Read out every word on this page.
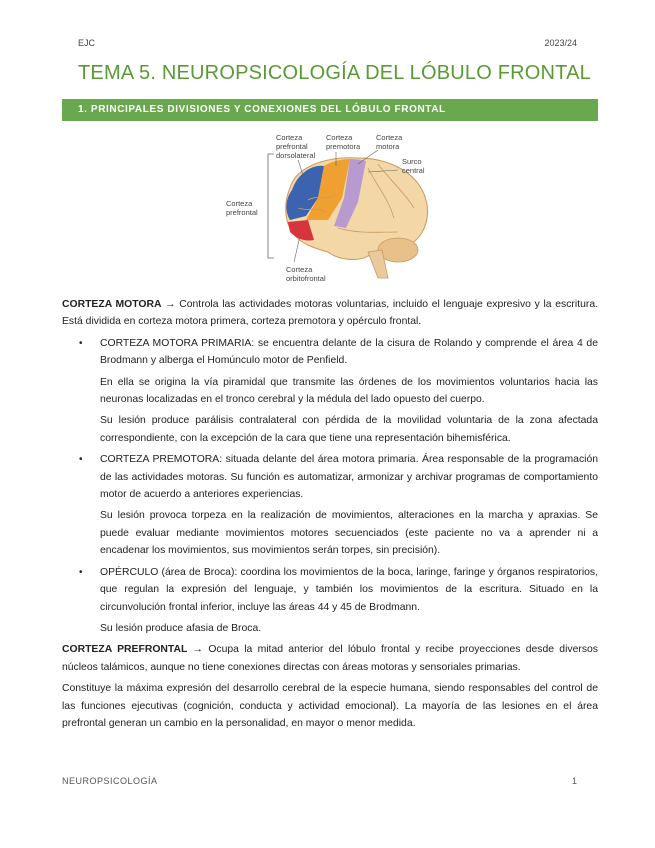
EJC	2023/24
TEMA 5. NEUROPSICOLOGÍA DEL LÓBULO FRONTAL
1. PRINCIPALES DIVISIONES Y CONEXIONES DEL LÓBULO FRONTAL
Corteza
prefrontal
dorsolateral
Corteza
premotora
Corteza
motora
Surco
central
Corteza
prefrontal
Corteza
orbitofrontal

CORTEZA MOTORA → Controla las actividades motoras voluntarias, incluido el lenguaje expresivo y la escritura. Está dividida en corteza motora primera, corteza premotora y opérculo frontal.

• CORTEZA MOTORA PRIMARIA: se encuentra delante de la cisura de Rolando y comprende el área 4 de Brodmann y alberga el Homúnculo motor de Penfield.

En ella se origina la vía piramidal que transmite las órdenes de los movimientos voluntarios hacia las neuronas localizadas en el tronco cerebral y la médula del lado opuesto del cuerpo.

Su lesión produce parálisis contralateral con pérdida de la movilidad voluntaria de la zona afectada correspondiente, con la excepción de la cara que tiene una representación bihemisférica.

• CORTEZA PREMOTORA: situada delante del área motora primaria. Área responsable de la programación de las actividades motoras. Su función es automatizar, armonizar y archivar programas de comportamiento motor de acuerdo a anteriores experiencias.

Su lesión provoca torpeza en la realización de movimientos, alteraciones en la marcha y apraxias. Se puede evaluar mediante movimientos motores secuenciados (este paciente no va a aprender ni a encadenar los movimientos, sus movimientos serán torpes, sin precisión).

• OPÉRCULO (área de Broca): coordina los movimientos de la boca, laringe, faringe y órganos respiratorios, que regulan la expresión del lenguaje, y también los movimientos de la escritura. Situado en la circunvolución frontal inferior, incluye las áreas 44 y 45 de Brodmann.

Su lesión produce afasia de Broca.

CORTEZA PREFRONTAL → Ocupa la mitad anterior del lóbulo frontal y recibe proyecciones desde diversos núcleos talámicos, aunque no tiene conexiones directas con áreas motoras y sensoriales primarias.

Constituye la máxima expresión del desarrollo cerebral de la especie humana, siendo responsables del control de las funciones ejecutivas (cognición, conducta y actividad emocional). La mayoría de las lesiones en el área prefrontal generan un cambio en la personalidad, en mayor o menor medida.

NEUROPSICOLOGÍA	1
